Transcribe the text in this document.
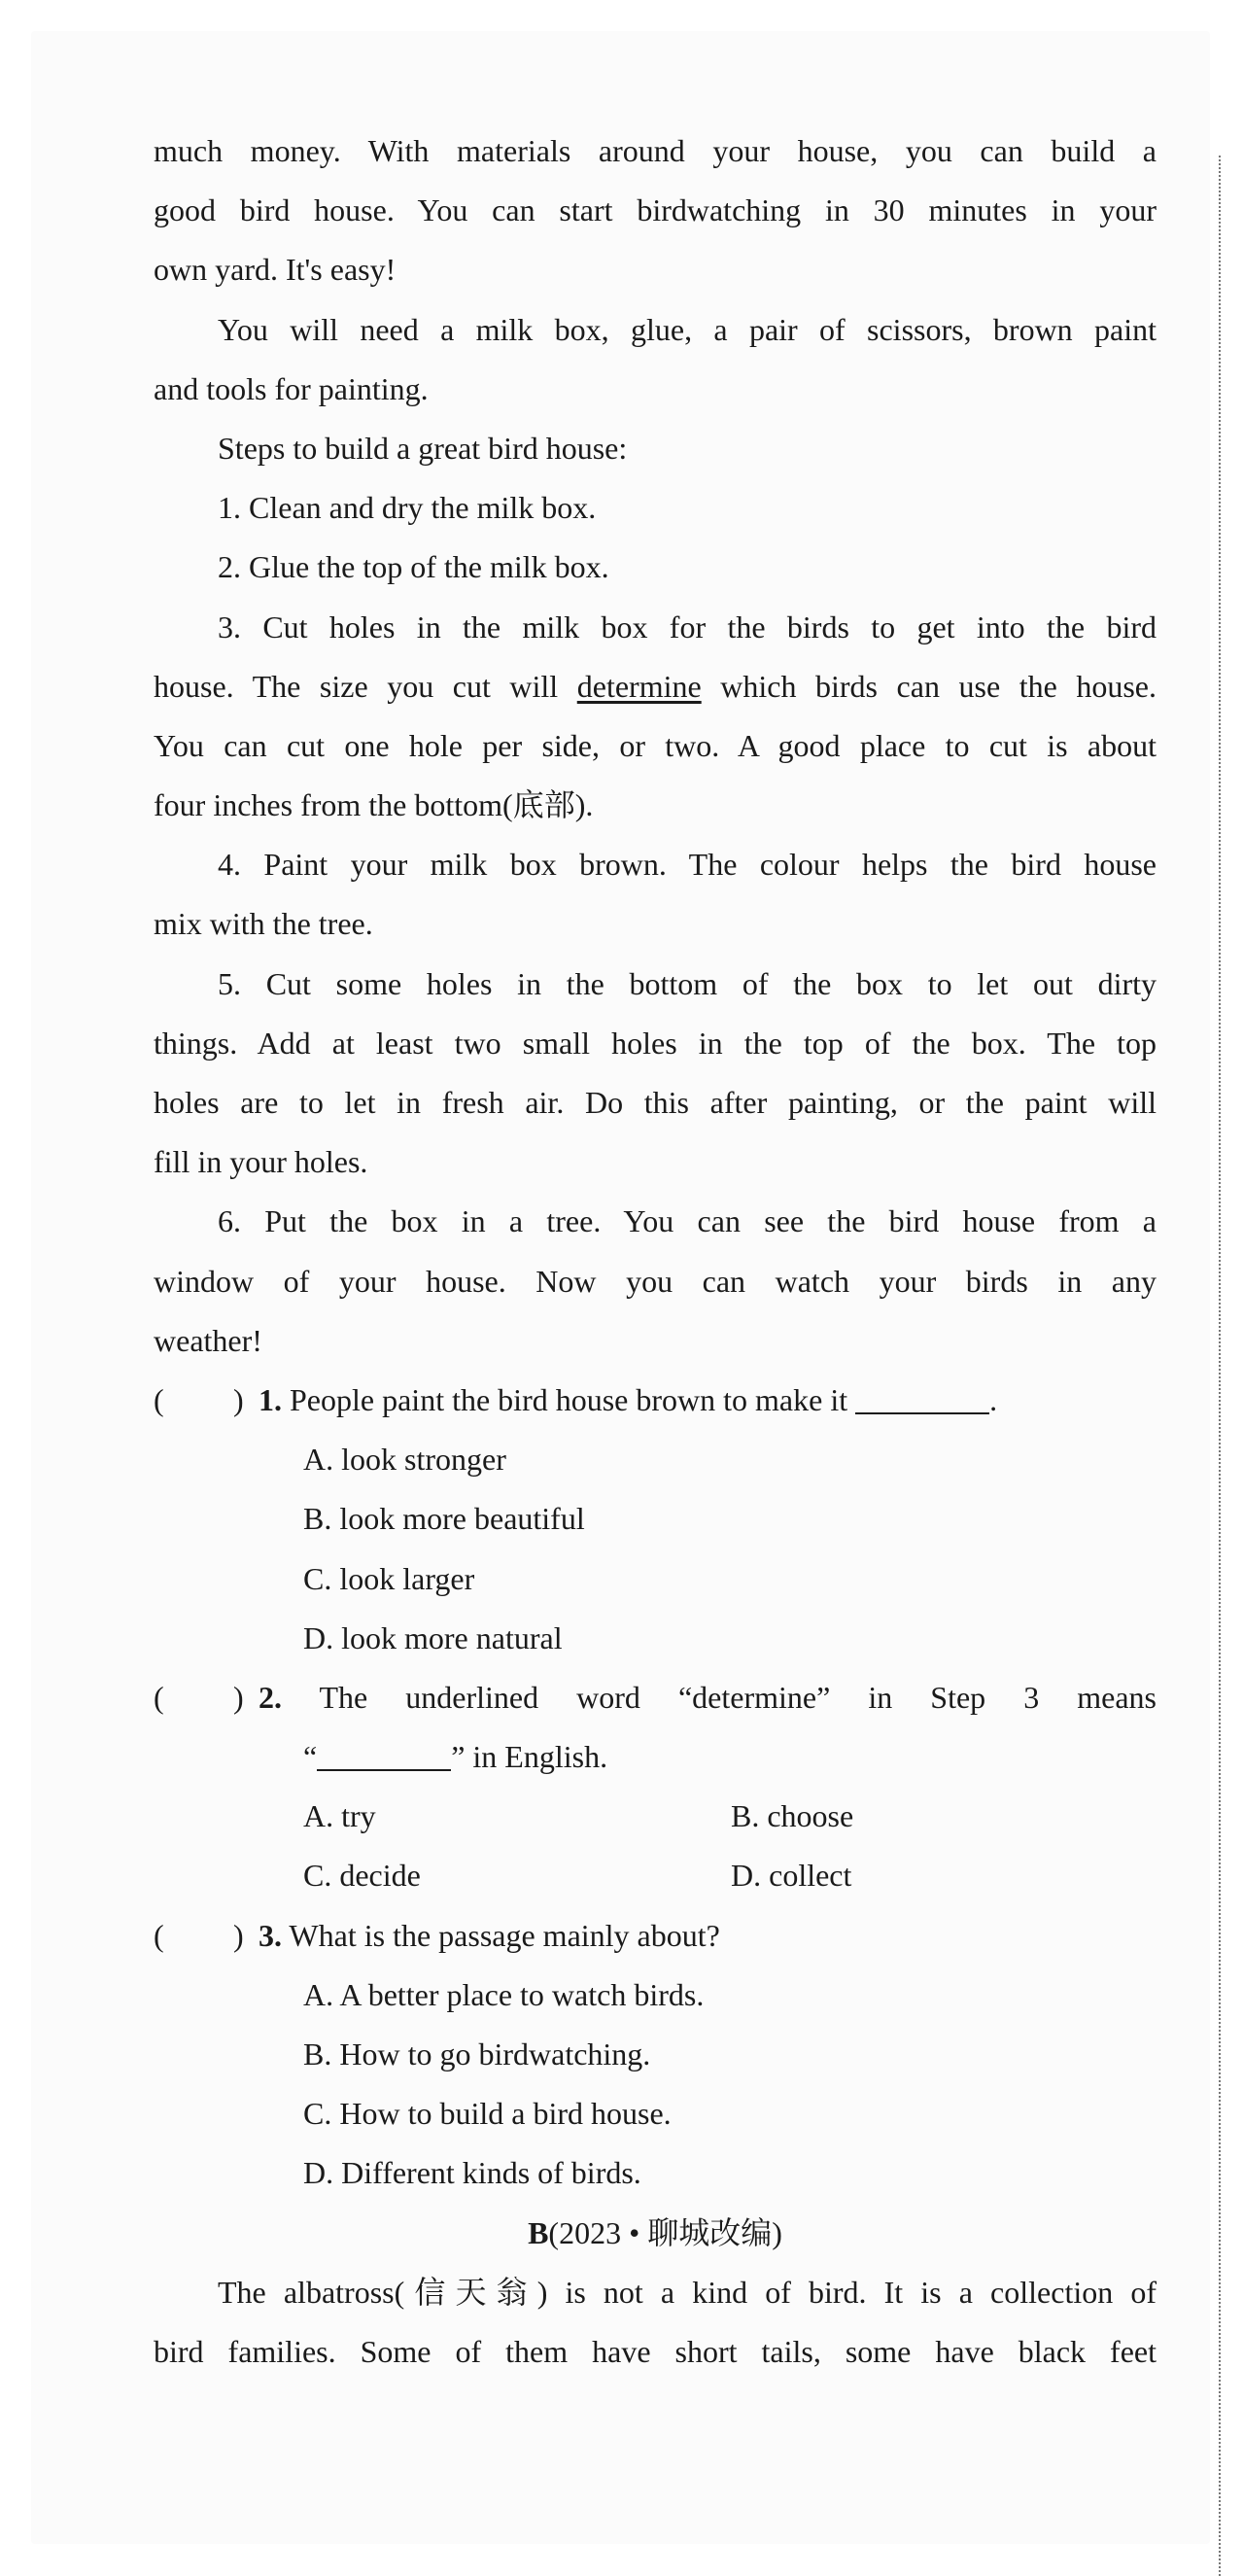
much money. With materials around your house, you can build a
good bird house. You can start birdwatching in 30 minutes in your
own yard. It's easy!
You will need a milk box, glue, a pair of scissors, brown paint
and tools for painting.
Steps to build a great bird house:
1. Clean and dry the milk box.
2. Glue the top of the milk box.
3. Cut holes in the milk box for the birds to get into the bird
house. The size you cut will determine which birds can use the house.
You can cut one hole per side, or two. A good place to cut is about
four inches from the bottom(底部).
4. Paint your milk box brown. The colour helps the bird house
mix with the tree.
5. Cut some holes in the bottom of the box to let out dirty
things. Add at least two small holes in the top of the box. The top
holes are to let in fresh air. Do this after painting, or the paint will
fill in your holes.
6. Put the box in a tree. You can see the bird house from a
window of your house. Now you can watch your birds in any
weather!
( ) 1. People paint the bird house brown to make it	.
A. look stronger
B. look more beautiful
C. look larger
D. look more natural
( ) 2. The underlined word “determine” in Step 3 means
“	” in English.
A. try	B. choose
C. decide	D. collect
( ) 3. What is the passage mainly about?
A. A better place to watch birds.
B. How to go birdwatching.
C. How to build a bird house.
D. Different kinds of birds.
B(2023 • 聊城改编)
The albatross(信天翁) is not a kind of bird. It is a collection of
bird families. Some of them have short tails, some have black feet
